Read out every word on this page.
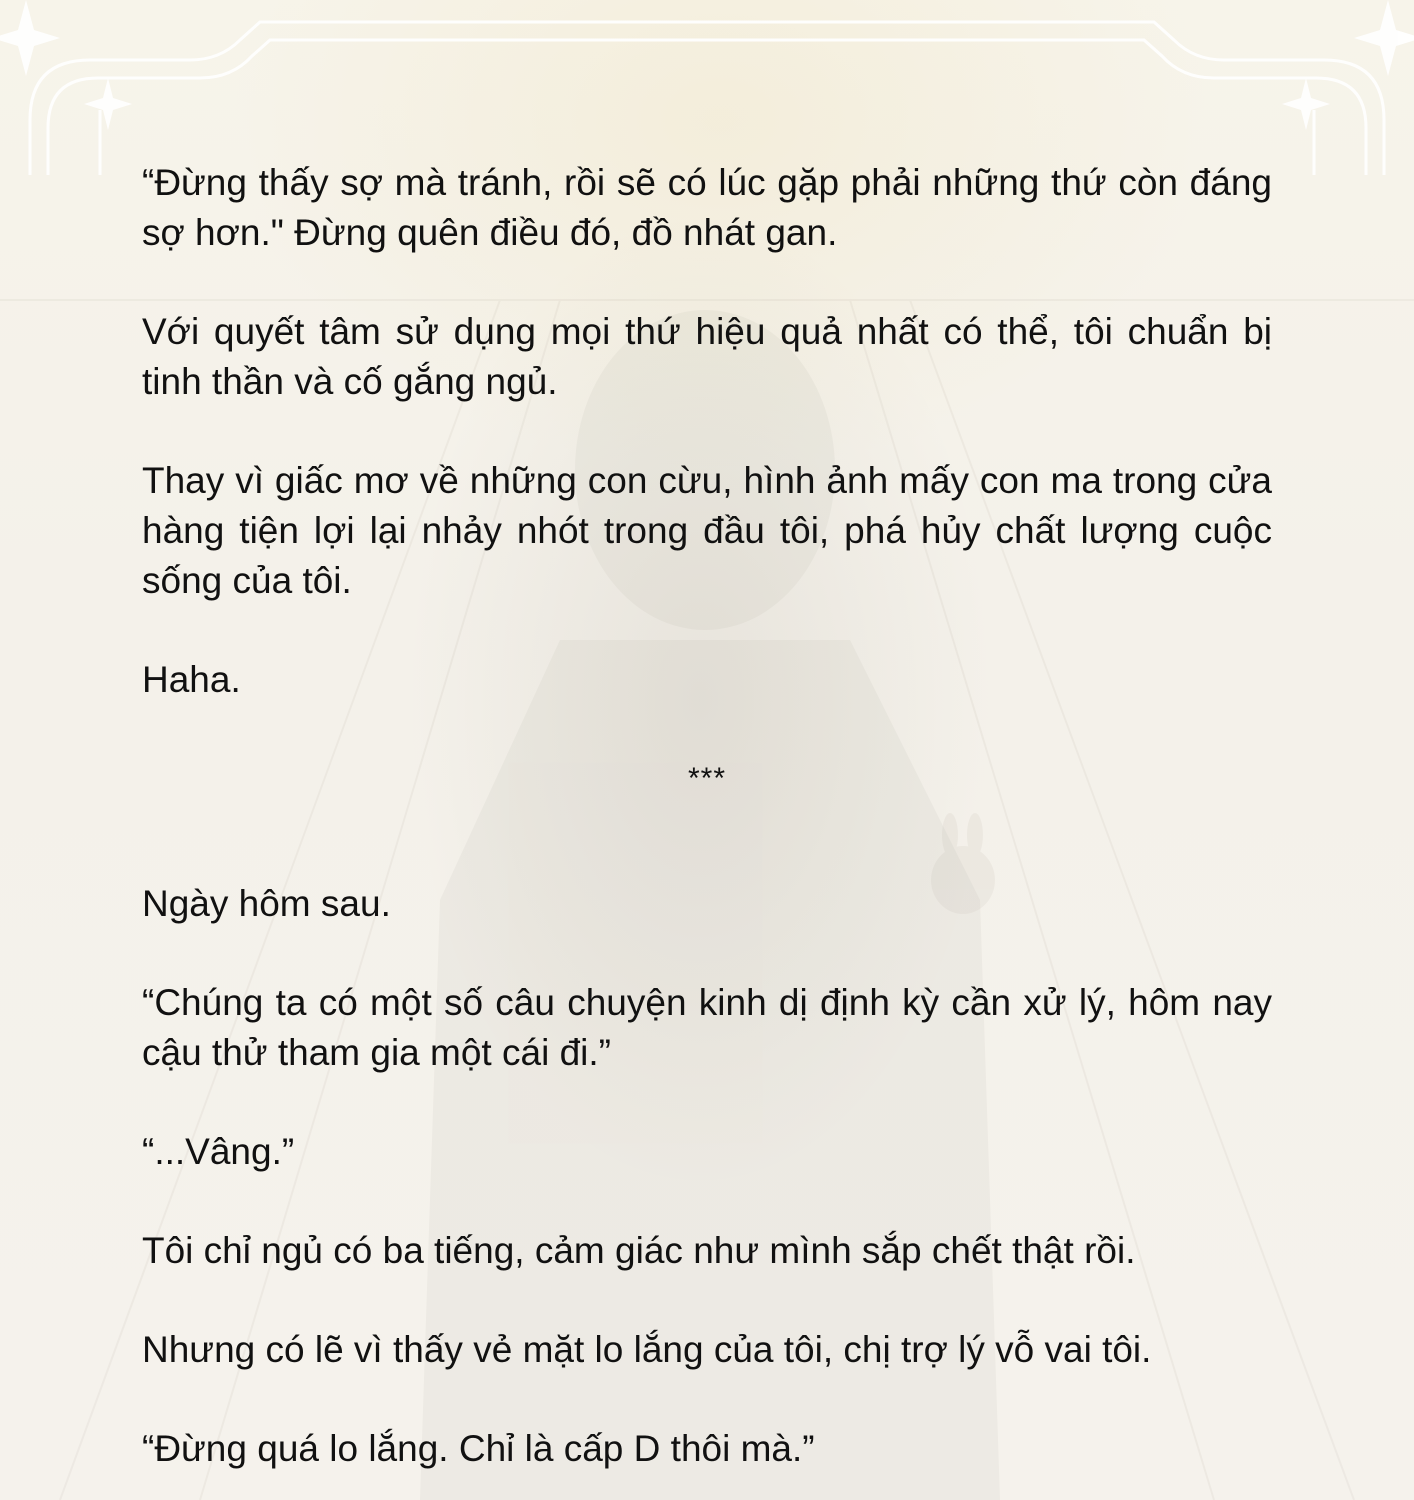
“Đừng thấy sợ mà tránh, rồi sẽ có lúc gặp phải những thứ còn đáng sợ hơn." Đừng quên điều đó, đồ nhát gan.

Với quyết tâm sử dụng mọi thứ hiệu quả nhất có thể, tôi chuẩn bị tinh thần và cố gắng ngủ.

Thay vì giấc mơ về những con cừu, hình ảnh mấy con ma trong cửa hàng tiện lợi lại nhảy nhót trong đầu tôi, phá hủy chất lượng cuộc sống của tôi.

Haha.

***

Ngày hôm sau.

“Chúng ta có một số câu chuyện kinh dị định kỳ cần xử lý, hôm nay cậu thử tham gia một cái đi.”

“...Vâng.”

Tôi chỉ ngủ có ba tiếng, cảm giác như mình sắp chết thật rồi.

Nhưng có lẽ vì thấy vẻ mặt lo lắng của tôi, chị trợ lý vỗ vai tôi.

“Đừng quá lo lắng. Chỉ là cấp D thôi mà.”
